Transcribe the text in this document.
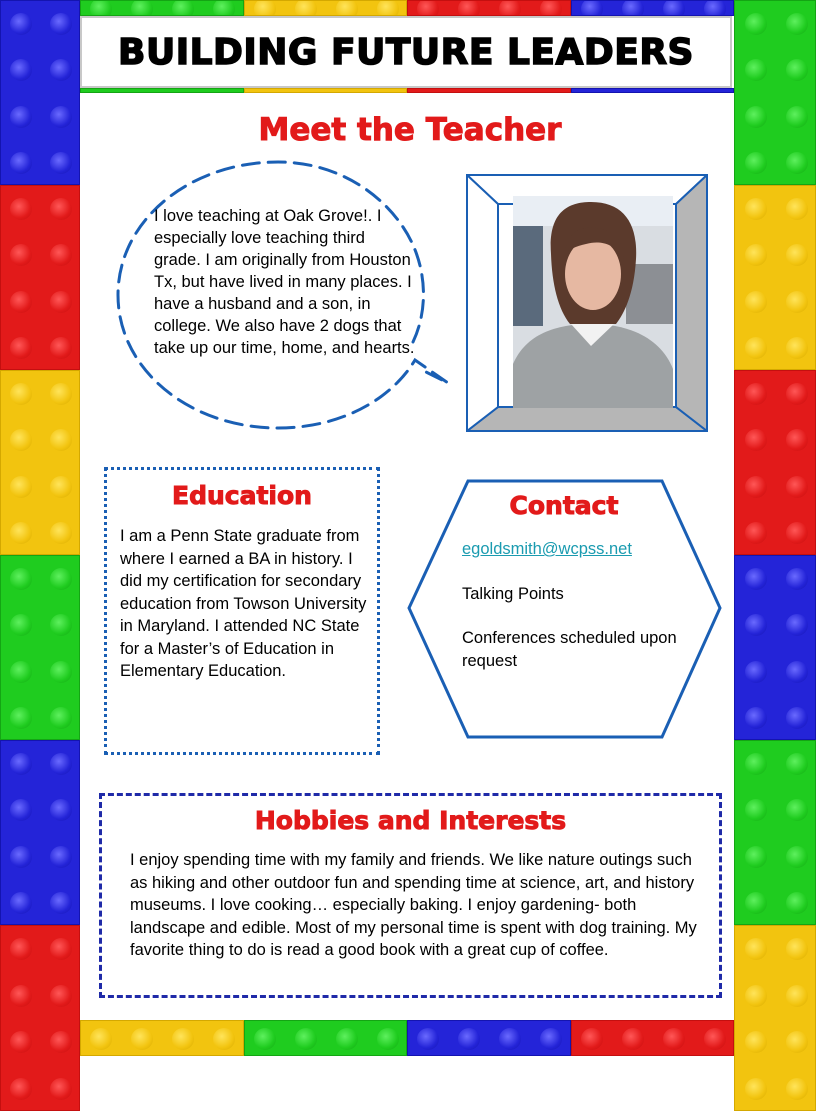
BUILDING FUTURE LEADERS
Meet the Teacher
I love teaching at Oak Grove!. I especially love teaching third grade. I am originally from Houston Tx, but have lived in many places. I have a husband and a son, in college. We also have 2 dogs that take up our time, home, and hearts.
Education
I am a Penn State graduate from where I earned a BA in history. I did my certification for secondary education from Towson University in Maryland. I attended NC State for a Master’s of Education in Elementary Education.
Contact
egoldsmith@wcpss.net

Talking Points

Conferences scheduled upon request

Hobbies and Interests
I enjoy spending time with my family and friends. We like nature outings such as hiking and other outdoor fun and spending time at science, art, and history museums. I love cooking… especially baking. I enjoy gardening- both landscape and edible. Most of my personal time is spent with dog training. My favorite thing to do is read a good book with a great cup of coffee.
